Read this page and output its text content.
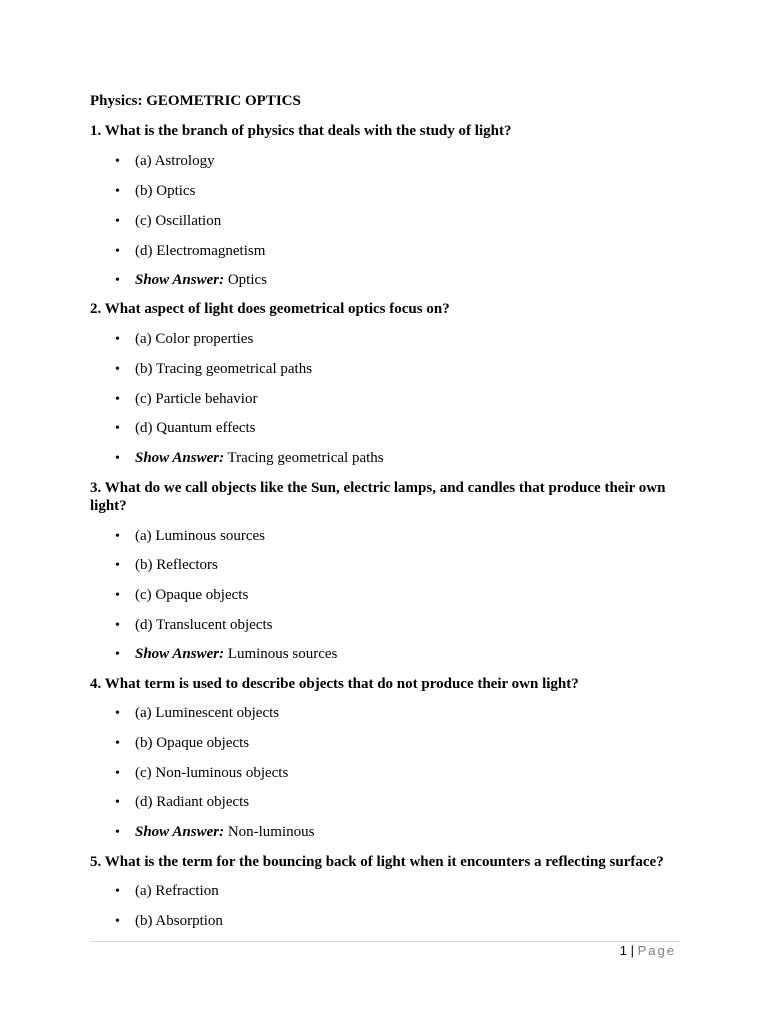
Physics: GEOMETRIC OPTICS
1. What is the branch of physics that deals with the study of light?
• (a) Astrology
• (b) Optics
• (c) Oscillation
• (d) Electromagnetism
• Show Answer: Optics
2. What aspect of light does geometrical optics focus on?
• (a) Color properties
• (b) Tracing geometrical paths
• (c) Particle behavior
• (d) Quantum effects
• Show Answer: Tracing geometrical paths
3. What do we call objects like the Sun, electric lamps, and candles that produce their own light?
• (a) Luminous sources
• (b) Reflectors
• (c) Opaque objects
• (d) Translucent objects
• Show Answer: Luminous sources
4. What term is used to describe objects that do not produce their own light?
• (a) Luminescent objects
• (b) Opaque objects
• (c) Non-luminous objects
• (d) Radiant objects
• Show Answer: Non-luminous
5. What is the term for the bouncing back of light when it encounters a reflecting surface?
• (a) Refraction
• (b) Absorption
1 | Page
